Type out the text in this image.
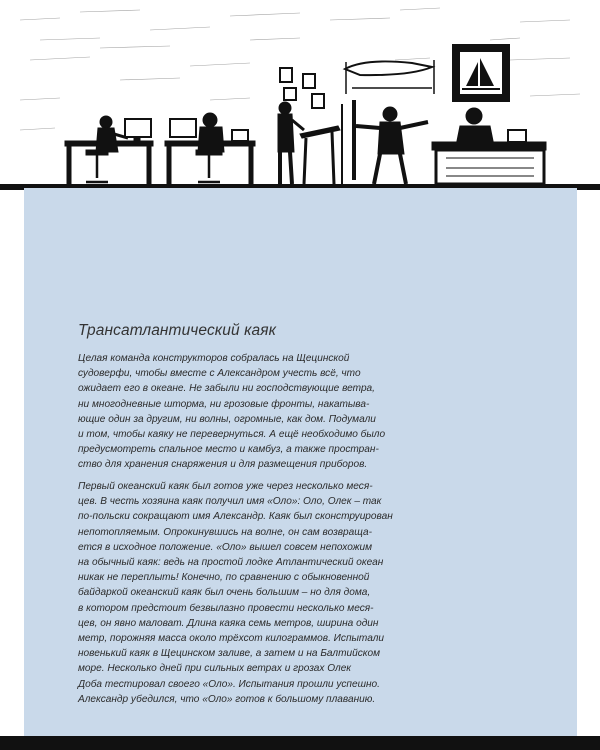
Трансатлантический каяк

Целая команда конструкторов собралась на Щецинской
судоверфи, чтобы вместе с Александром учесть всё, что
ожидает его в океане. Не забыли ни господствующие ветра,
ни многодневные шторма, ни грозовые фронты, накатыва-
ющие один за другим, ни волны, огромные, как дом. Подумали
и том, чтобы каяку не перевернуться. А ещё необходимо было
предусмотреть спальное место и камбуз, а также простран-
ство для хранения снаряжения и для размещения приборов.

Первый океанский каяк был готов уже через несколько меся-
цев. В честь хозяина каяк получил имя «Оло»: Оло, Олек – так
по-польски сокращают имя Александр. Каяк был сконструирован
непотопляемым. Опрокинувшись на волне, он сам возвраща-
ется в исходное положение. «Оло» вышел совсем непохожим
на обычный каяк: ведь на простой лодке Атлантический океан
никак не переплыть! Конечно, по сравнению с обыкновенной
байдаркой океанский каяк был очень большим – но для дома,
в котором предстоит безвылазно провести несколько меся-
цев, он явно маловат. Длина каяка семь метров, ширина один
метр, порожняя масса около трёхсот килограммов. Испытали
новенький каяк в Щецинском заливе, а затем и на Балтийском
море. Несколько дней при сильных ветрах и грозах Олек
Доба тестировал своего «Оло». Испытания прошли успешно.
Александр убедился, что «Оло» готов к большому плаванию.
